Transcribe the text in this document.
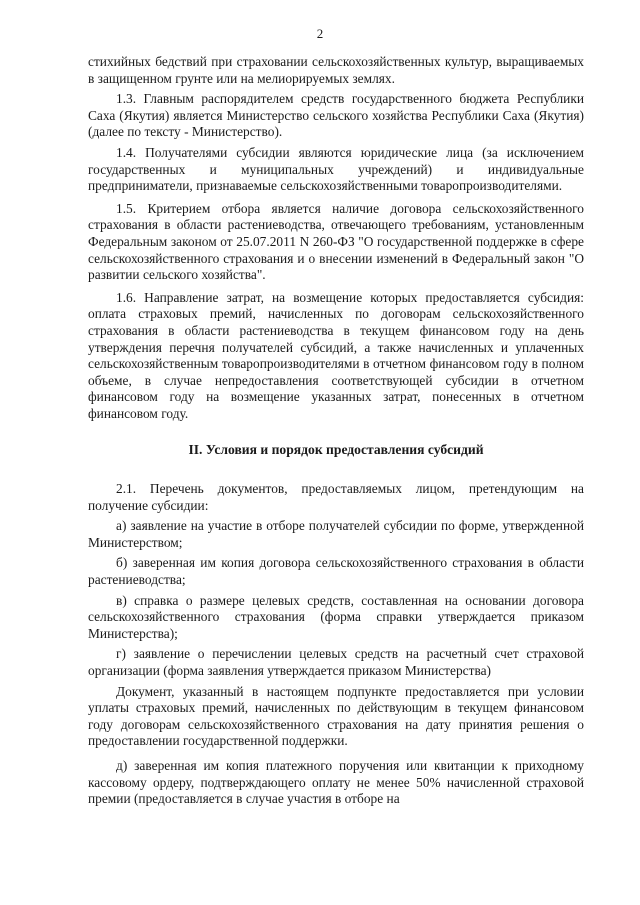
2

стихийных бедствий при страховании сельскохозяйственных культур, выращиваемых в защищенном грунте или на мелиорируемых землях.

1.3. Главным распорядителем средств государственного бюджета Республики Саха (Якутия) является Министерство сельского хозяйства Республики Саха (Якутия) (далее по тексту - Министерство).

1.4. Получателями субсидии являются юридические лица (за исключением государственных и муниципальных учреждений) и индивидуальные предприниматели, признаваемые сельскохозяйственными товаропроизводителями.

1.5. Критерием отбора является наличие договора сельскохозяйственного страхования в области растениеводства, отвечающего требованиям, установленным Федеральным законом от 25.07.2011 N 260-ФЗ "О государственной поддержке в сфере сельскохозяйственного страхования и о внесении изменений в Федеральный закон "О развитии сельского хозяйства".

1.6. Направление затрат, на возмещение которых предоставляется субсидия: оплата страховых премий, начисленных по договорам сельскохозяйственного страхования в области растениеводства в текущем финансовом году на день утверждения перечня получателей субсидий, а также начисленных и уплаченных сельскохозяйственным товаропроизводителями в отчетном финансовом году в полном объеме, в случае непредоставления соответствующей субсидии в отчетном финансовом году на возмещение указанных затрат, понесенных в отчетном финансовом году.

II. Условия и порядок предоставления субсидий

2.1. Перечень документов, предоставляемых лицом, претендующим на получение субсидии:

а) заявление на участие в отборе получателей субсидии по форме, утвержденной Министерством;

б) заверенная им копия договора сельскохозяйственного страхования в области растениеводства;

в) справка о размере целевых средств, составленная на основании договора сельскохозяйственного страхования (форма справки утверждается приказом Министерства);

г) заявление о перечислении целевых средств на расчетный счет страховой организации (форма заявления утверждается приказом Министерства)

Документ, указанный в настоящем подпункте предоставляется при условии уплаты страховых премий, начисленных по действующим в текущем финансовом году договорам сельскохозяйственного страхования на дату принятия решения о предоставлении государственной поддержки.

д) заверенная им копия платежного поручения или квитанции к приходному кассовому ордеру, подтверждающего оплату не менее 50% начисленной страховой премии (предоставляется в случае участия в отборе на
